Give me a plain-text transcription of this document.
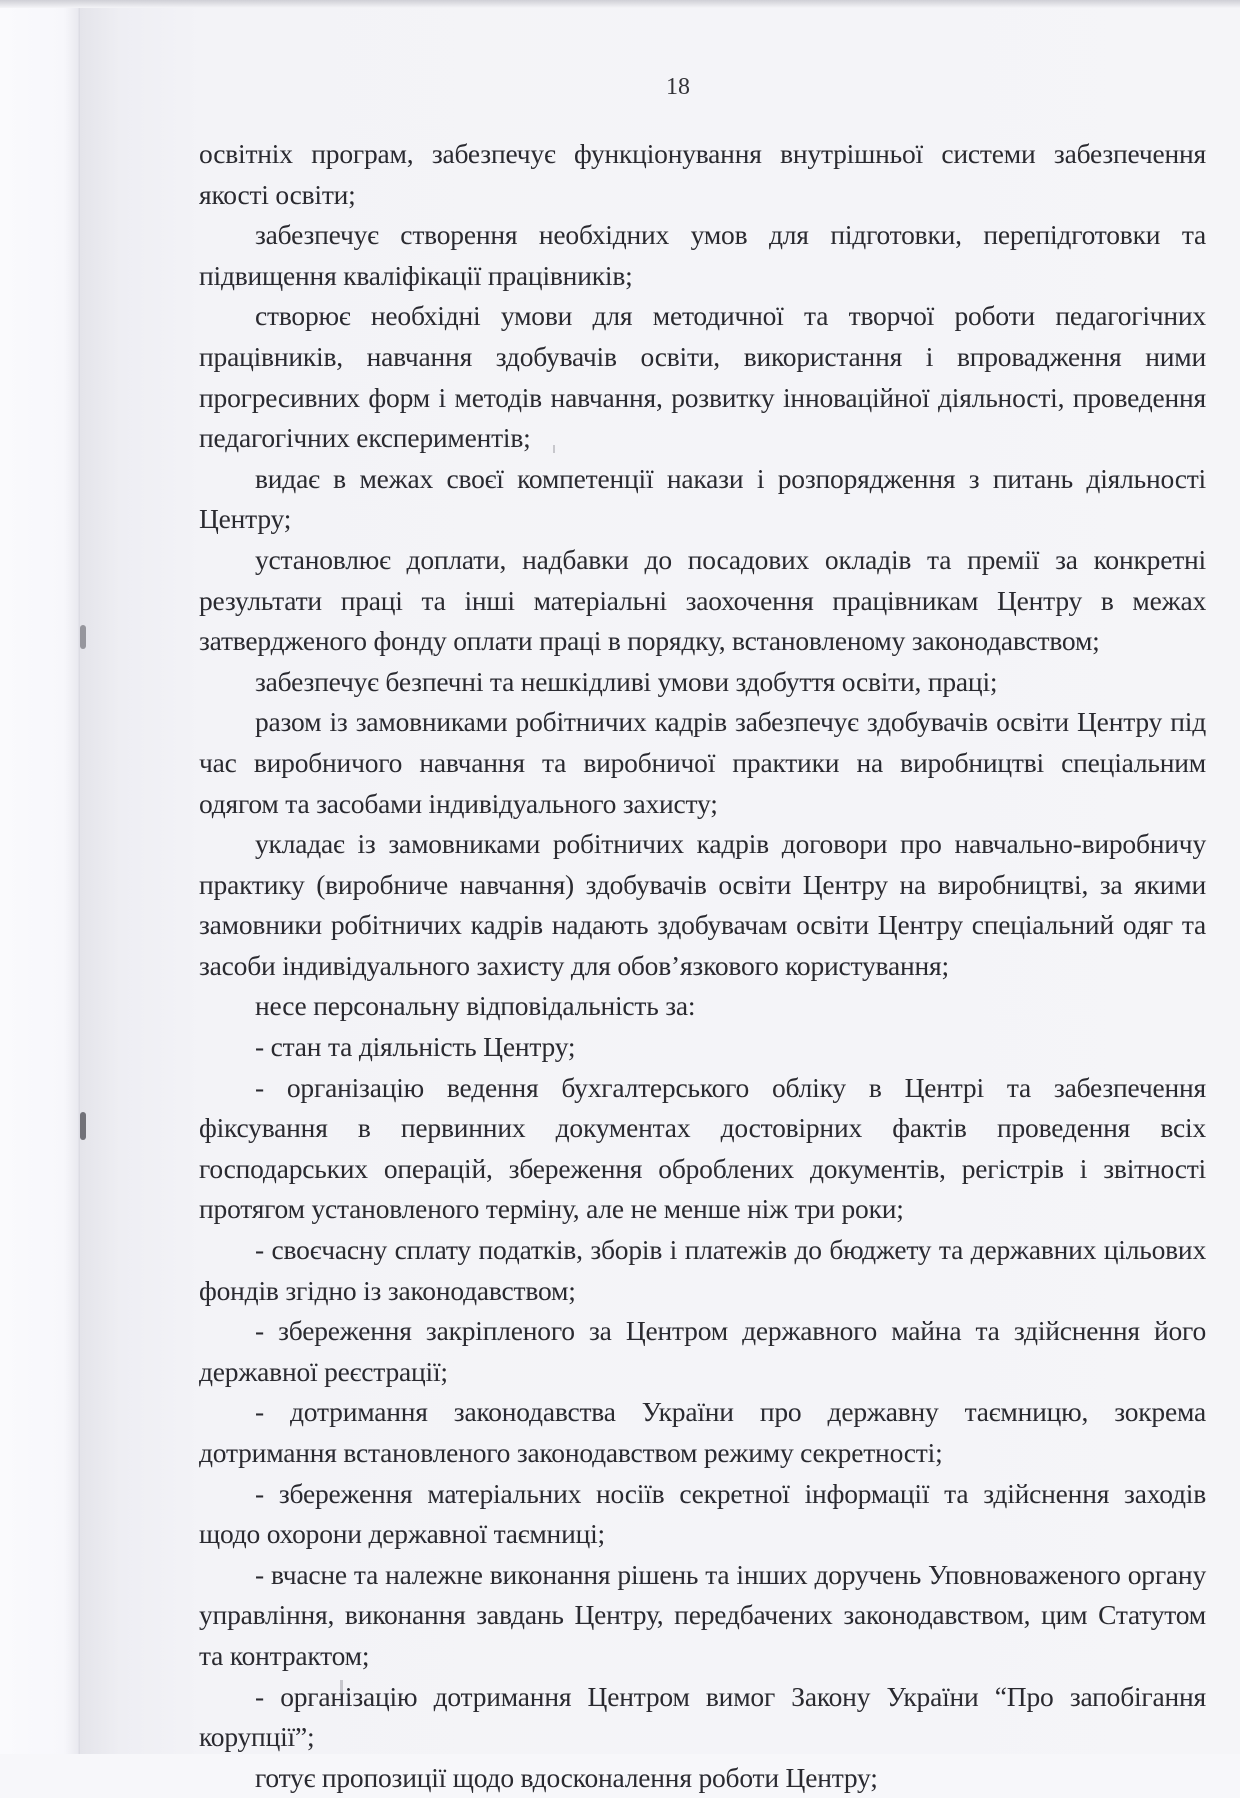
18

освітніх програм, забезпечує функціонування внутрішньої системи забезпечення якості освіти;

забезпечує створення необхідних умов для підготовки, перепідготовки та підвищення кваліфікації працівників;

створює необхідні умови для методичної та творчої роботи педагогічних працівників, навчання здобувачів освіти, використання і впровадження ними прогресивних форм і методів навчання, розвитку інноваційної діяльності, проведення педагогічних експериментів;

видає в межах своєї компетенції накази і розпорядження з питань діяльності Центру;

установлює доплати, надбавки до посадових окладів та премії за конкретні результати праці та інші матеріальні заохочення працівникам Центру в межах затвердженого фонду оплати праці в порядку, встановленому законодавством;

забезпечує безпечні та нешкідливі умови здобуття освіти, праці;

разом із замовниками робітничих кадрів забезпечує здобувачів освіти Центру під час виробничого навчання та виробничої практики на виробництві спеціальним одягом та засобами індивідуального захисту;

укладає із замовниками робітничих кадрів договори про навчально-виробничу практику (виробниче навчання) здобувачів освіти Центру на виробництві, за якими замовники робітничих кадрів надають здобувачам освіти Центру спеціальний одяг та засоби індивідуального захисту для обов’язкового користування;

несе персональну відповідальність за:

- стан та діяльність Центру;

- організацію ведення бухгалтерського обліку в Центрі та забезпечення фіксування в первинних документах достовірних фактів проведення всіх господарських операцій, збереження оброблених документів, регістрів і звітності протягом установленого терміну, але не менше ніж три роки;

- своєчасну сплату податків, зборів і платежів до бюджету та державних цільових фондів згідно із законодавством;

- збереження закріпленого за Центром державного майна та здійснення його державної реєстрації;

- дотримання законодавства України про державну таємницю, зокрема дотримання встановленого законодавством режиму секретності;

- збереження матеріальних носіїв секретної інформації та здійснення заходів щодо охорони державної таємниці;

- вчасне та належне виконання рішень та інших доручень Уповноваженого органу управління, виконання завдань Центру, передбачених законодавством, цим Статутом та контрактом;

- організацію дотримання Центром вимог Закону України “Про запобігання корупції”;

готує пропозиції щодо вдосконалення роботи Центру;
